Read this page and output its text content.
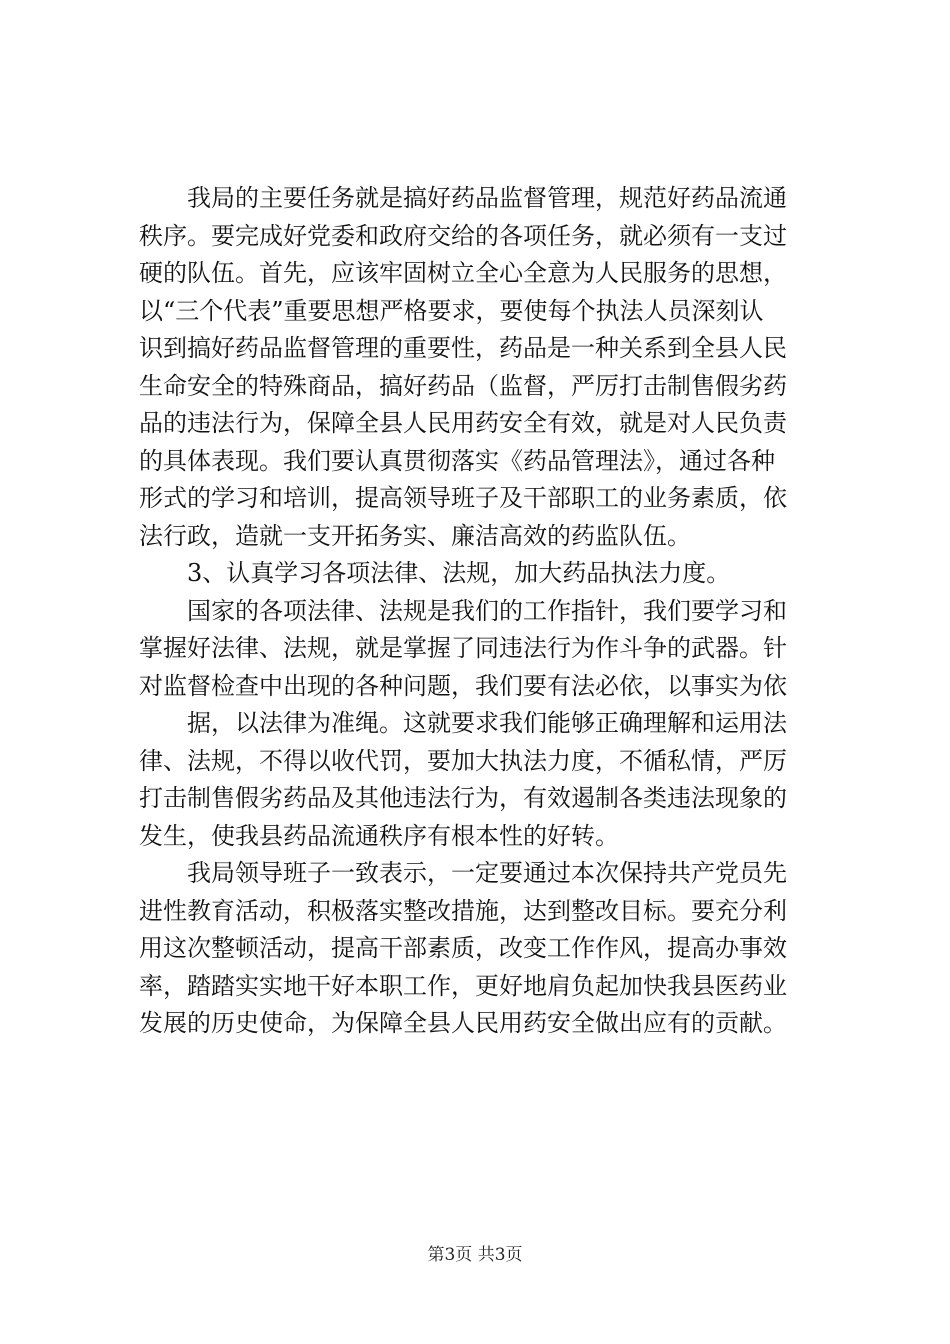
我局的主要任务就是搞好药品监督管理，规范好药品流通
秩序。要完成好党委和政府交给的各项任务，就必须有一支过
硬的队伍。首先，应该牢固树立全心全意为人民服务的思想，
以“三个代表”重要思想严格要求，要使每个执法人员深刻认
识到搞好药品监督管理的重要性，药品是一种关系到全县人民
生命安全的特殊商品，搞好药品（监督，严厉打击制售假劣药
品的违法行为，保障全县人民用药安全有效，就是对人民负责
的具体表现。我们要认真贯彻落实《药品管理法》，通过各种
形式的学习和培训，提高领导班子及干部职工的业务素质，依
法行政，造就一支开拓务实、廉洁高效的药监队伍。
3、认真学习各项法律、法规，加大药品执法力度。
国家的各项法律、法规是我们的工作指针，我们要学习和
掌握好法律、法规，就是掌握了同违法行为作斗争的武器。针
对监督检查中出现的各种问题，我们要有法必依，以事实为依
据，以法律为准绳。这就要求我们能够正确理解和运用法
律、法规，不得以收代罚，要加大执法力度，不循私情，严厉
打击制售假劣药品及其他违法行为，有效遏制各类违法现象的
发生，使我县药品流通秩序有根本性的好转。
我局领导班子一致表示，一定要通过本次保持共产党员先
进性教育活动，积极落实整改措施，达到整改目标。要充分利
用这次整顿活动，提高干部素质，改变工作作风，提高办事效
率，踏踏实实地干好本职工作，更好地肩负起加快我县医药业
发展的历史使命，为保障全县人民用药安全做出应有的贡献。
第3页 共3页
